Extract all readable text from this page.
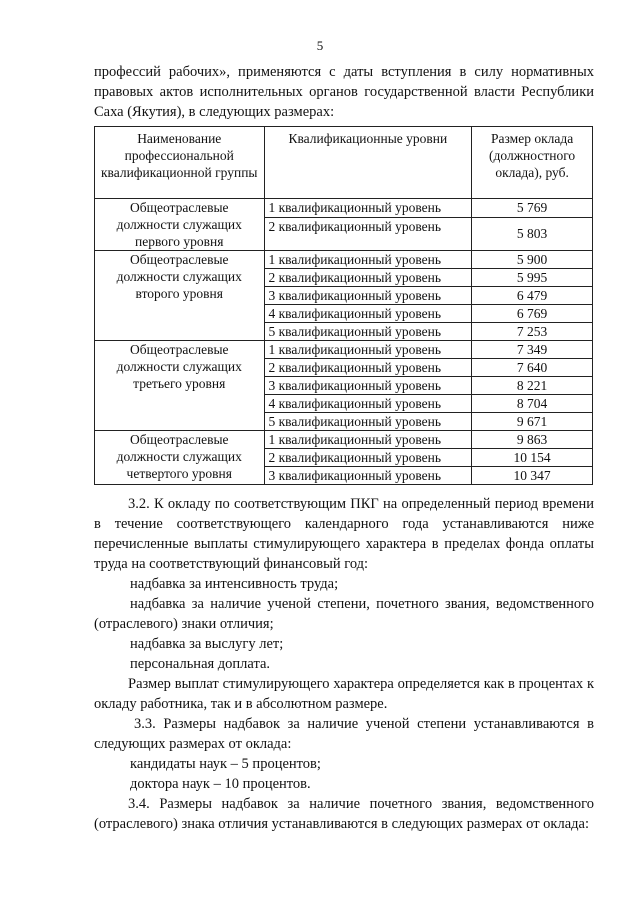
5
профессий рабочих», применяются с даты вступления в силу нормативных
правовых актов исполнительных органов государственной власти Республики
Саха (Якутия), в следующих размерах:
Наименование профессиональной квалификационной группы	Квалификационные уровни	Размер оклада (должностного оклада), руб.
Общеотраслевые должности служащих первого уровня	1 квалификационный уровень	5 769
	2 квалификационный уровень	5 803
Общеотраслевые должности служащих второго уровня	1 квалификационный уровень	5 900
	2 квалификационный уровень	5 995
	3 квалификационный уровень	6 479
	4 квалификационный уровень	6 769
	5 квалификационный уровень	7 253
Общеотраслевые должности служащих третьего уровня	1 квалификационный уровень	7 349
	2 квалификационный уровень	7 640
	3 квалификационный уровень	8 221
	4 квалификационный уровень	8 704
	5 квалификационный уровень	9 671
Общеотраслевые должности служащих четвертого уровня	1 квалификационный уровень	9 863
	2 квалификационный уровень	10 154
	3 квалификационный уровень	10 347
3.2. К окладу по соответствующим ПКГ на определенный период времени в течение соответствующего календарного года устанавливаются ниже перечисленные выплаты стимулирующего характера в пределах фонда оплаты труда на соответствующий финансовый год:
надбавка за интенсивность труда;
надбавка за наличие ученой степени, почетного звания, ведомственного
(отраслевого) знаки отличия;
надбавка за выслугу лет;
персональная доплата.
Размер выплат стимулирующего характера определяется как в процентах к окладу работника, так и в абсолютном размере.
3.3. Размеры надбавок за наличие ученой степени устанавливаются в
следующих размерах от оклада:
кандидаты наук – 5 процентов;
доктора наук – 10 процентов.
3.4. Размеры надбавок за наличие почетного звания, ведомственного (отраслевого) знака отличия устанавливаются в следующих размерах от оклада:
